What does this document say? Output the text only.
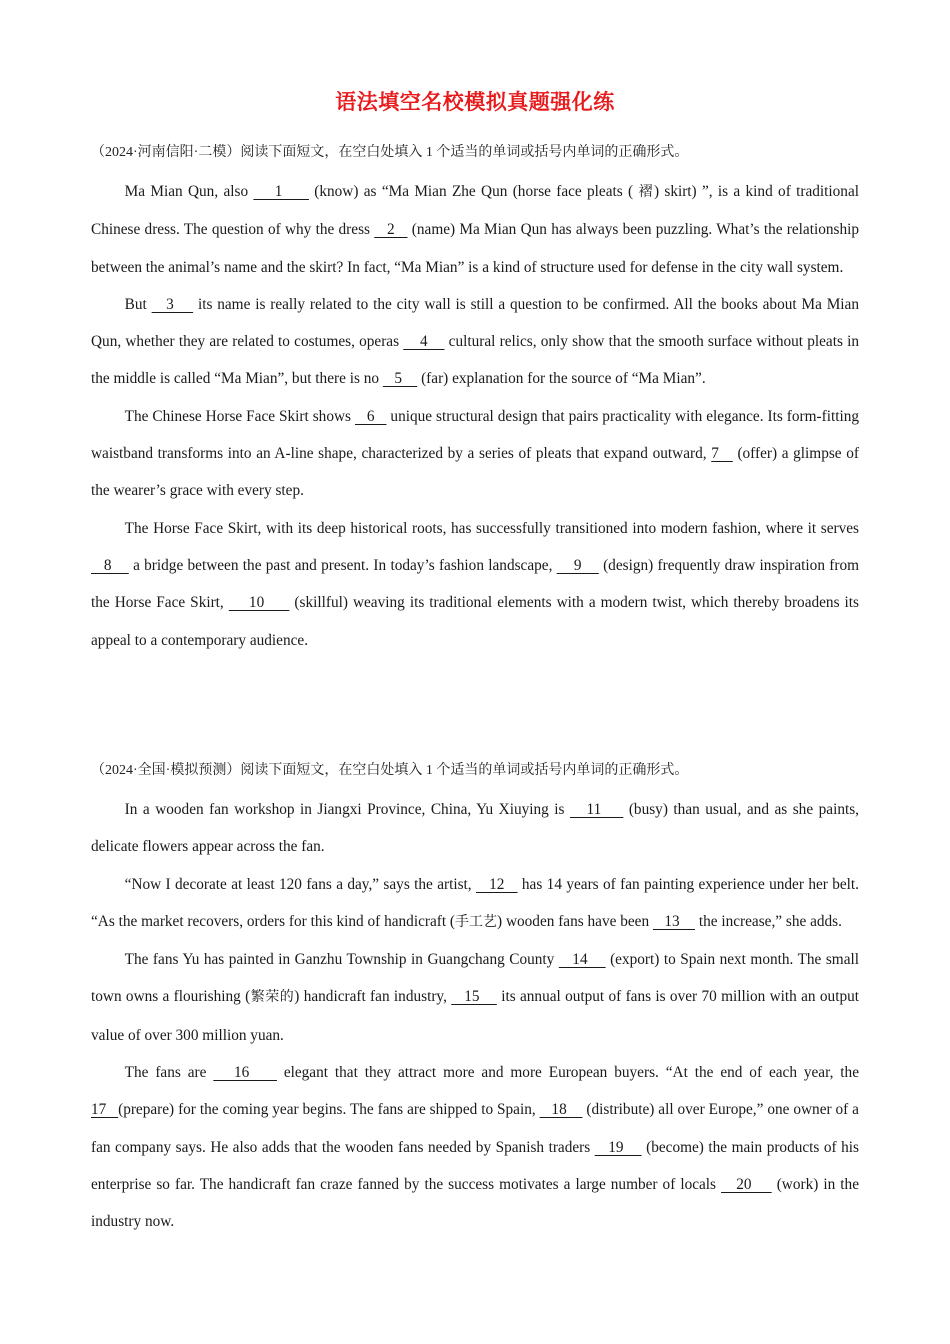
语法填空名校模拟真题强化练

（2024·河南信阳·二模）阅读下面短文，在空白处填入 1 个适当的单词或括号内单词的正确形式。

Ma Mian Qun, also     1      (know) as “Ma Mian Zhe Qun (horse face pleats ( 褶) skirt) ”, is a kind of traditional Chinese dress. The question of why the dress    2    (name) Ma Mian Qun has always been puzzling. What’s the relationship between the animal’s name and the skirt? In fact, “Ma Mian” is a kind of structure used for defense in the city wall system.

But    3     its name is really related to the city wall is still a question to be confirmed. All the books about Ma Mian Qun, whether they are related to costumes, operas     4     cultural relics, only show that the smooth surface without pleats in the middle is called “Ma Mian”, but there is no    5     (far) explanation for the source of “Ma Mian”.

The Chinese Horse Face Skirt shows    6    unique structural design that pairs practicality with elegance. Its form-fitting waistband transforms into an A-line shape, characterized by a series of pleats that expand outward, 7    (offer) a glimpse of the wearer’s grace with every step.

The Horse Face Skirt, with its deep historical roots, has successfully transitioned into modern fashion, where it serves    8     a bridge between the past and present. In today’s fashion landscape,     9     (design) frequently draw inspiration from the Horse Face Skirt,     10      (skillful) weaving its traditional elements with a modern twist, which thereby broadens its appeal to a contemporary audience.

（2024·全国·模拟预测）阅读下面短文，在空白处填入 1 个适当的单词或括号内单词的正确形式。

In a wooden fan workshop in Jiangxi Province, China, Yu Xiuying is    11     (busy) than usual, and as she paints, delicate flowers appear across the fan.

“Now I decorate at least 120 fans a day,” says the artist,    12    has 14 years of fan painting experience under her belt. “As the market recovers, orders for this kind of handicraft (手工艺) wooden fans have been    13     the increase,” she adds.

The fans Yu has painted in Ganzhu Township in Guangchang County    14     (export) to Spain next month. The small town owns a flourishing (繁荣的) handicraft fan industry,    15     its annual output of fans is over 70 million with an output value of over 300 million yuan.

The fans are    16     elegant that they attract more and more European buyers. “At the end of each year, the 17   (prepare) for the coming year begins. The fans are shipped to Spain,    18     (distribute) all over Europe,” one owner of a fan company says. He also adds that the wooden fans needed by Spanish traders    19     (become) the main products of his enterprise so far. The handicraft fan craze fanned by the success motivates a large number of locals    20     (work) in the industry now.
